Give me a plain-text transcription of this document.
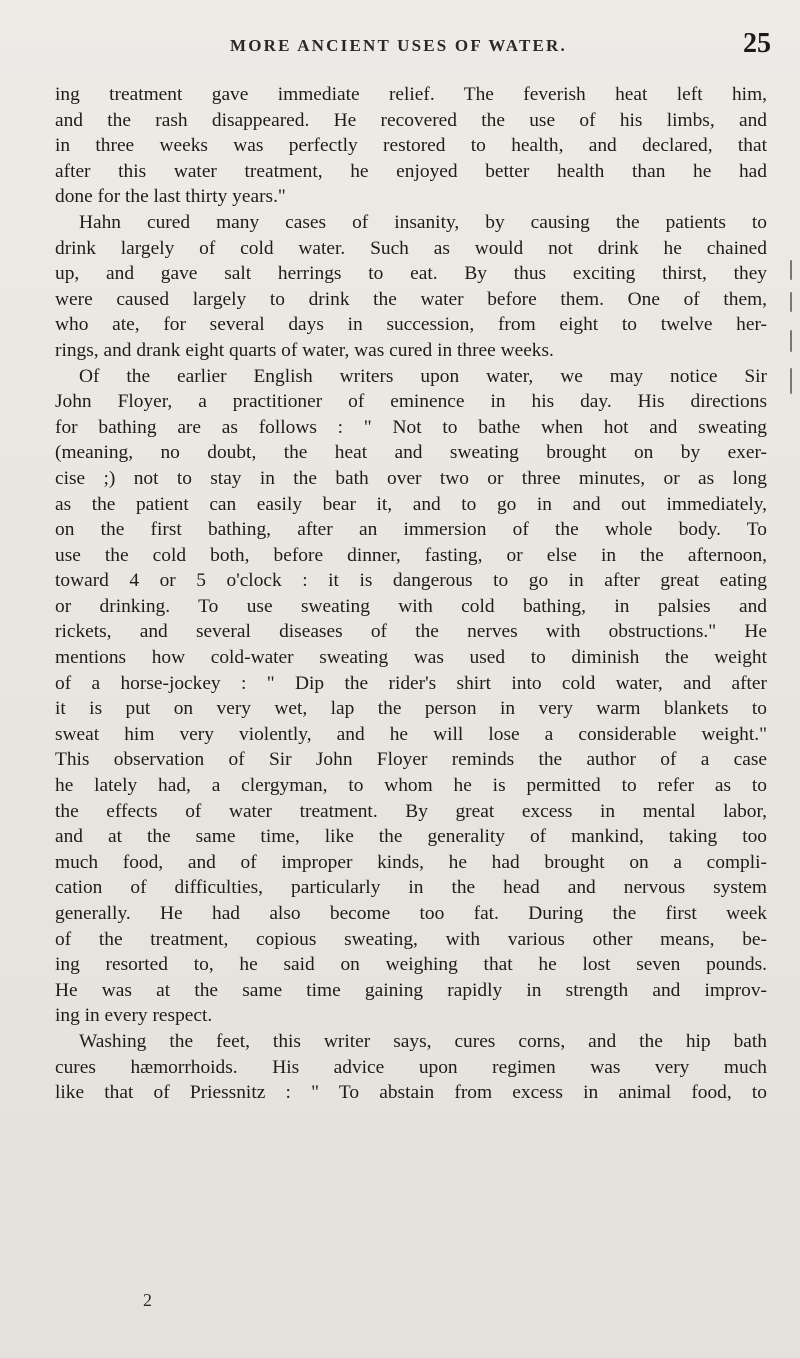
MORE ANCIENT USES OF WATER.	25
ing treatment gave immediate relief. The feverish heat left him,
and the rash disappeared. He recovered the use of his limbs, and
in three weeks was perfectly restored to health, and declared, that
after this water treatment, he enjoyed better health than he had
done for the last thirty years."
Hahn cured many cases of insanity, by causing the patients to
drink largely of cold water. Such as would not drink he chained
up, and gave salt herrings to eat. By thus exciting thirst, they
were caused largely to drink the water before them. One of them,
who ate, for several days in succession, from eight to twelve her-
rings, and drank eight quarts of water, was cured in three weeks.
Of the earlier English writers upon water, we may notice Sir
John Floyer, a practitioner of eminence in his day. His directions
for bathing are as follows : " Not to bathe when hot and sweating
(meaning, no doubt, the heat and sweating brought on by exer-
cise ;) not to stay in the bath over two or three minutes, or as long
as the patient can easily bear it, and to go in and out immediately,
on the first bathing, after an immersion of the whole body. To
use the cold both, before dinner, fasting, or else in the afternoon,
toward 4 or 5 o'clock : it is dangerous to go in after great eating
or drinking. To use sweating with cold bathing, in palsies and
rickets, and several diseases of the nerves with obstructions." He
mentions how cold-water sweating was used to diminish the weight
of a horse-jockey : " Dip the rider's shirt into cold water, and after
it is put on very wet, lap the person in very warm blankets to
sweat him very violently, and he will lose a considerable weight."
This observation of Sir John Floyer reminds the author of a case
he lately had, a clergyman, to whom he is permitted to refer as to
the effects of water treatment. By great excess in mental labor,
and at the same time, like the generality of mankind, taking too
much food, and of improper kinds, he had brought on a compli-
cation of difficulties, particularly in the head and nervous system
generally. He had also become too fat. During the first week
of the treatment, copious sweating, with various other means, be-
ing resorted to, he said on weighing that he lost seven pounds.
He was at the same time gaining rapidly in strength and improv-
ing in every respect.
Washing the feet, this writer says, cures corns, and the hip bath
cures hæmorrhoids. His advice upon regimen was very much
like that of Priessnitz : " To abstain from excess in animal food, to
2
